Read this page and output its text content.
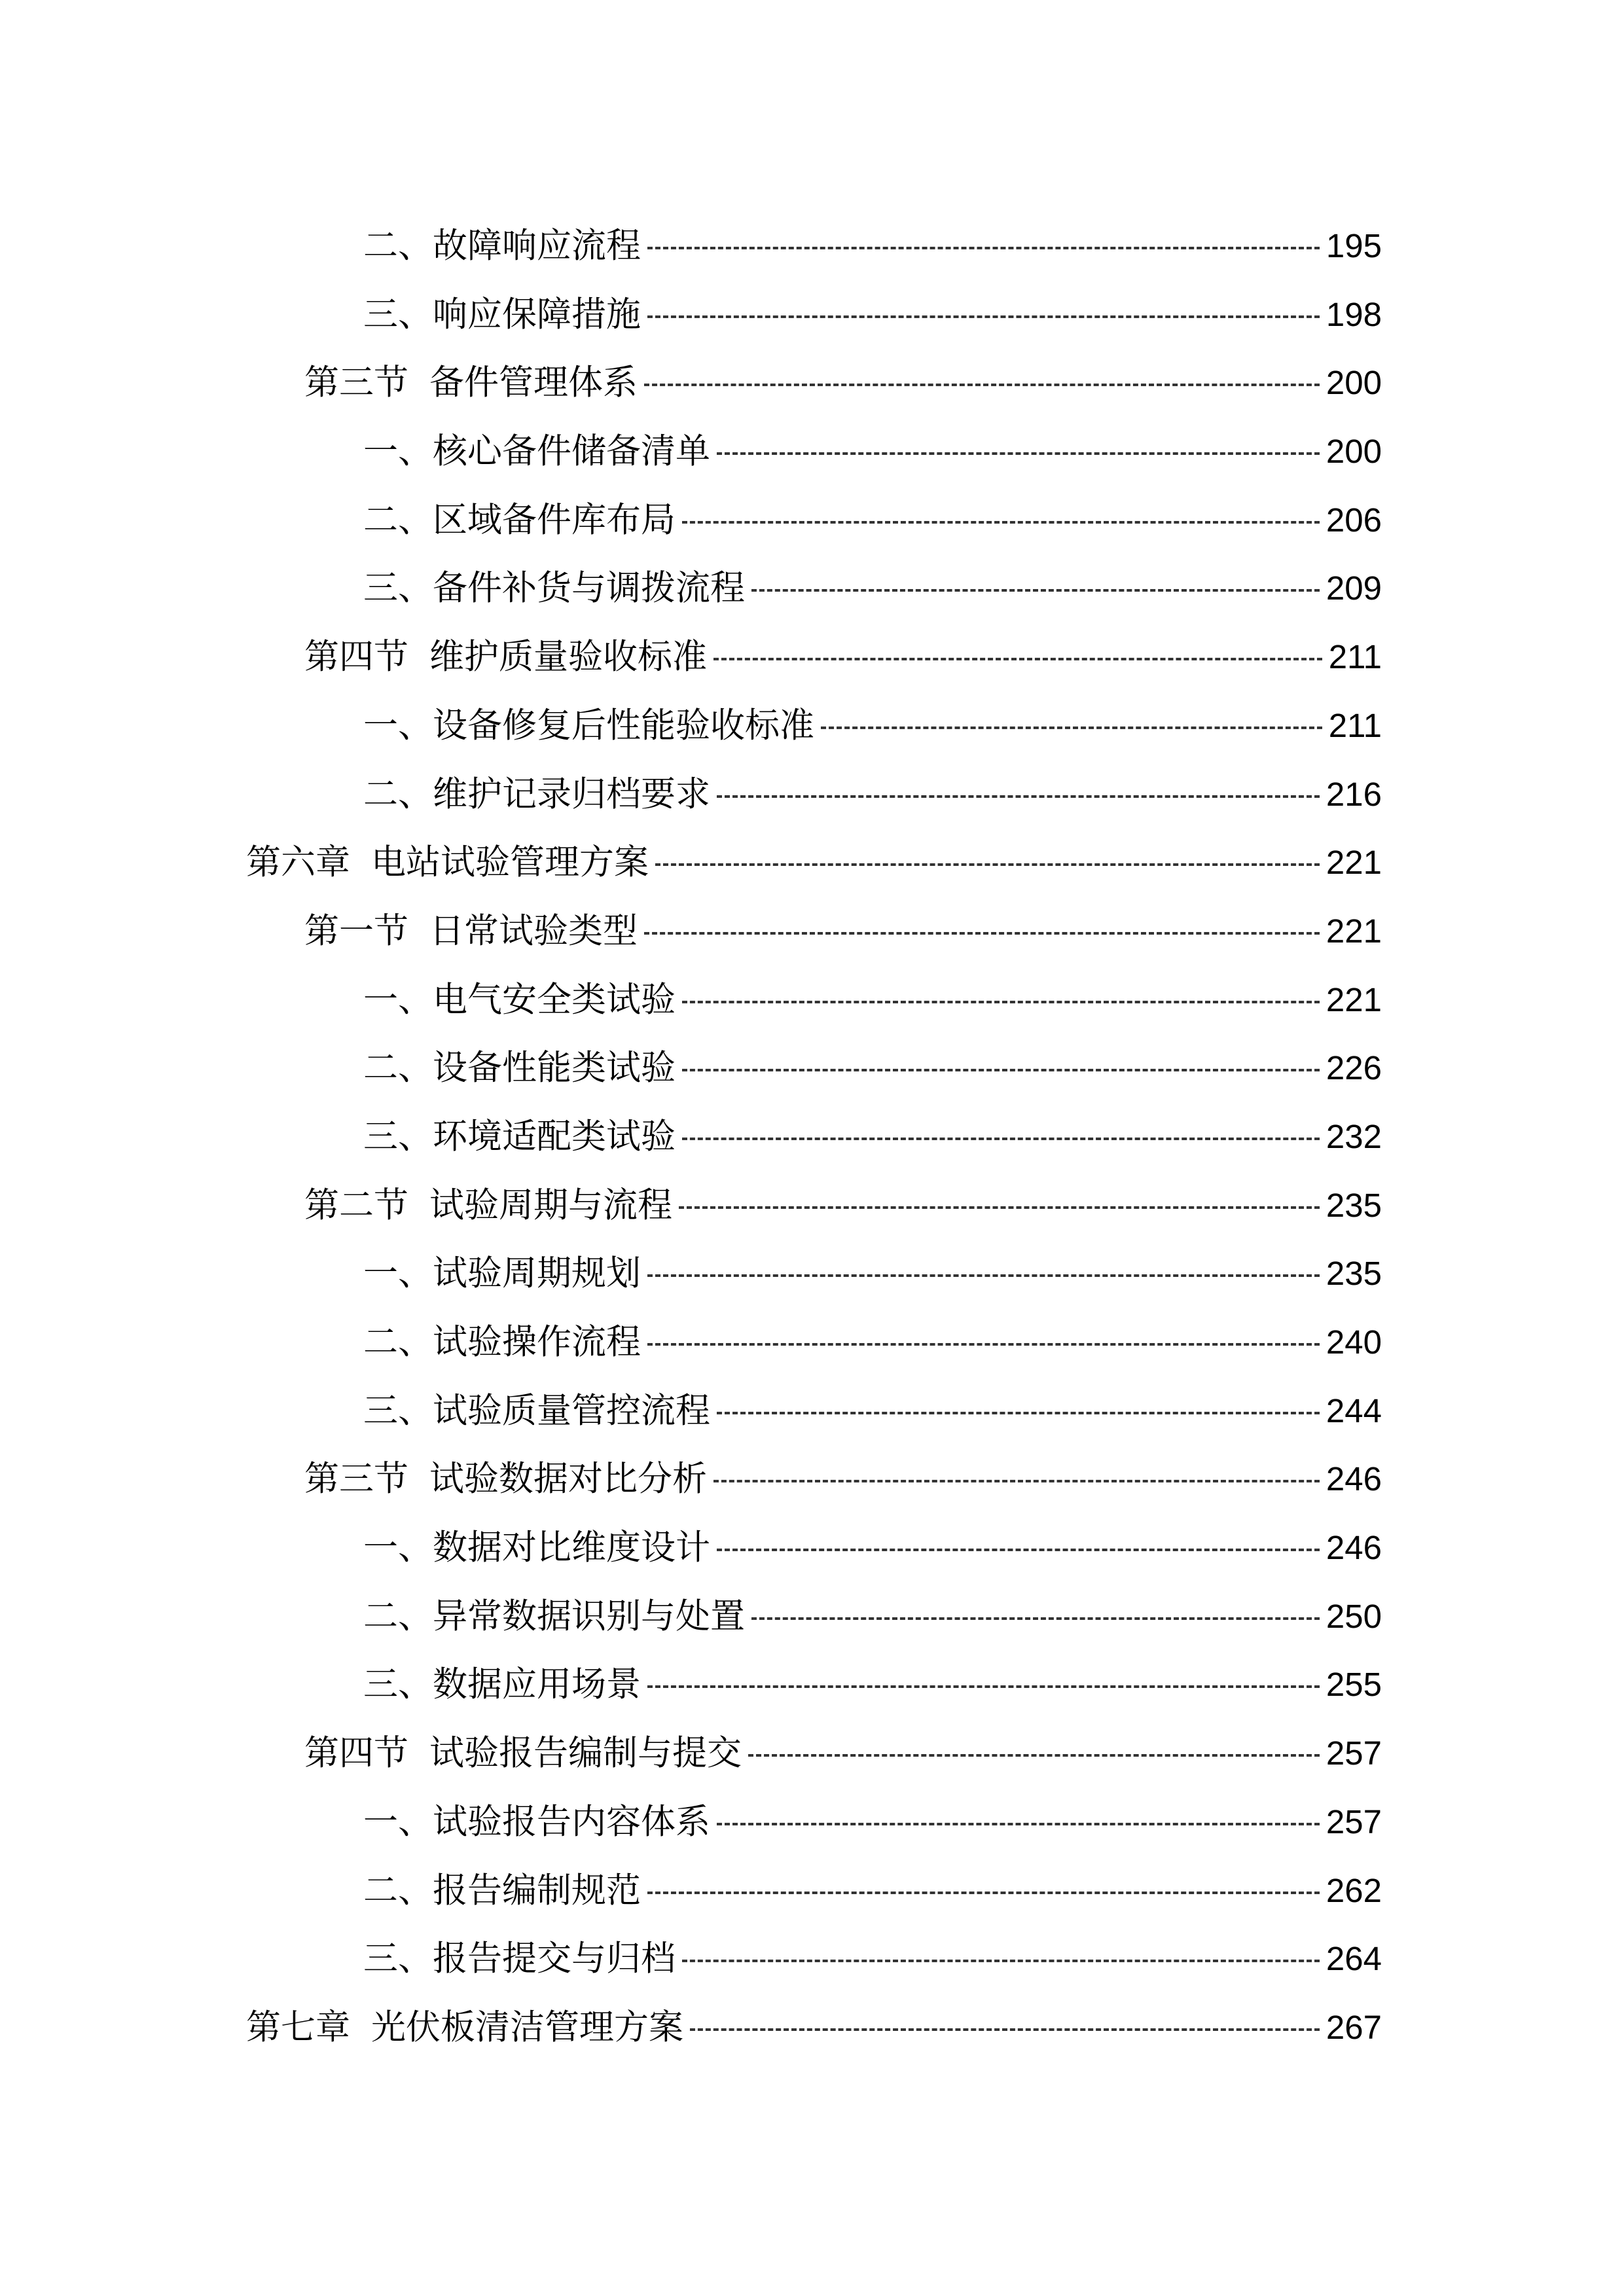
二、故障响应流程	195
三、响应保障措施	198
第三节 备件管理体系	200
一、核心备件储备清单	200
二、区域备件库布局	206
三、备件补货与调拨流程	209
第四节 维护质量验收标准	211
一、设备修复后性能验收标准	211
二、维护记录归档要求	216
第六章 电站试验管理方案	221
第一节 日常试验类型	221
一、电气安全类试验	221
二、设备性能类试验	226
三、环境适配类试验	232
第二节 试验周期与流程	235
一、试验周期规划	235
二、试验操作流程	240
三、试验质量管控流程	244
第三节 试验数据对比分析	246
一、数据对比维度设计	246
二、异常数据识别与处置	250
三、数据应用场景	255
第四节 试验报告编制与提交	257
一、试验报告内容体系	257
二、报告编制规范	262
三、报告提交与归档	264
第七章 光伏板清洁管理方案	267
